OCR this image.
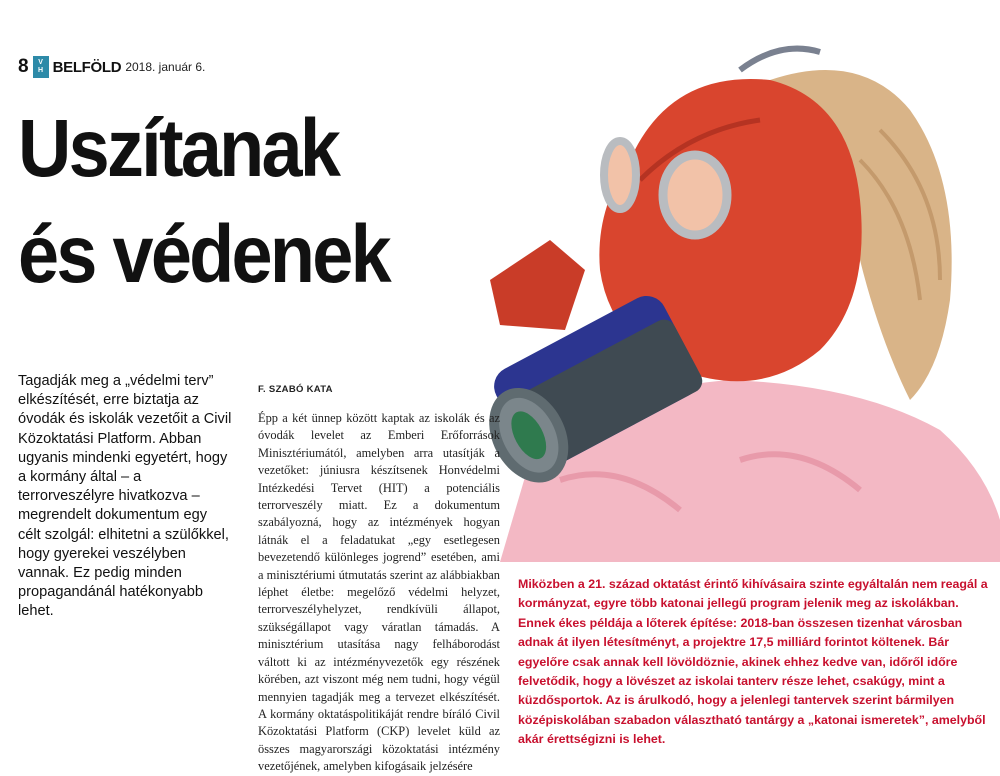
8 V
H BELFÖLD 2018. január 6.
Uszítanak és védenek

Tagadják meg a „védelmi terv” elkészítését, erre biztatja az óvodák és iskolák vezetőit a Civil Közoktatási Platform. Abban ugyanis mindenki egyetért, hogy a kormány által – a terrorveszélyre hivatkozva – megrendelt dokumentum egy célt szolgál: elhitetni a szülőkkel, hogy gyerekei veszélyben vannak. Ez pedig minden propagandánál hatékonyabb lehet.

F. SZABÓ KATA

Épp a két ünnep között kaptak az iskolák és az óvodák levelet az Emberi Erőforrások Minisztériumától, amelyben arra utasítják a vezetőket: júniusra készítsenek Honvédelmi Intézkedési Tervet (HIT) a potenciális terrorveszély miatt. Ez a dokumentum szabályozná, hogy az intézmények hogyan látnák el a feladatukat „egy esetlegesen bevezetendő különleges jogrend” esetében, ami a minisztériumi útmutatás szerint az alábbiakban léphet életbe: megelőző védelmi helyzet, terrorveszélyhelyzet, rendkívüli állapot, szükségállapot vagy váratlan támadás. A minisztérium utasítása nagy felháborodást váltott ki az intézményvezetők egy részének körében, azt viszont még nem tudni, hogy végül mennyien tagadják meg a tervezet elkészítését. A kormány oktatáspolitikáját rendre bíráló Civil Közoktatási Platform (CKP) levelet küld az összes magyarországi közoktatási intézmény vezetőjének, amelyben kifogásaik jelzésére

Miközben a 21. század oktatást érintő kihívásaira szinte egyáltalán nem reagál a kormányzat, egyre több katonai jellegű program jelenik meg az iskolákban. Ennek ékes példája a lőterek építése: 2018-ban összesen tizenhat városban adnak át ilyen létesítményt, a projektre 17,5 milliárd forintot költenek. Bár egyelőre csak annak kell lövöldöznie, akinek ehhez kedve van, időről időre felvetődik, hogy a lövészet az iskolai tanterv része lehet, csakúgy, mint a küzdősportok. Az is árulkodó, hogy a jelenlegi tantervek szerint bármilyen középiskolában szabadon választható tantárgy a „katonai ismeretek”, amelyből akár érettségizni is lehet.
